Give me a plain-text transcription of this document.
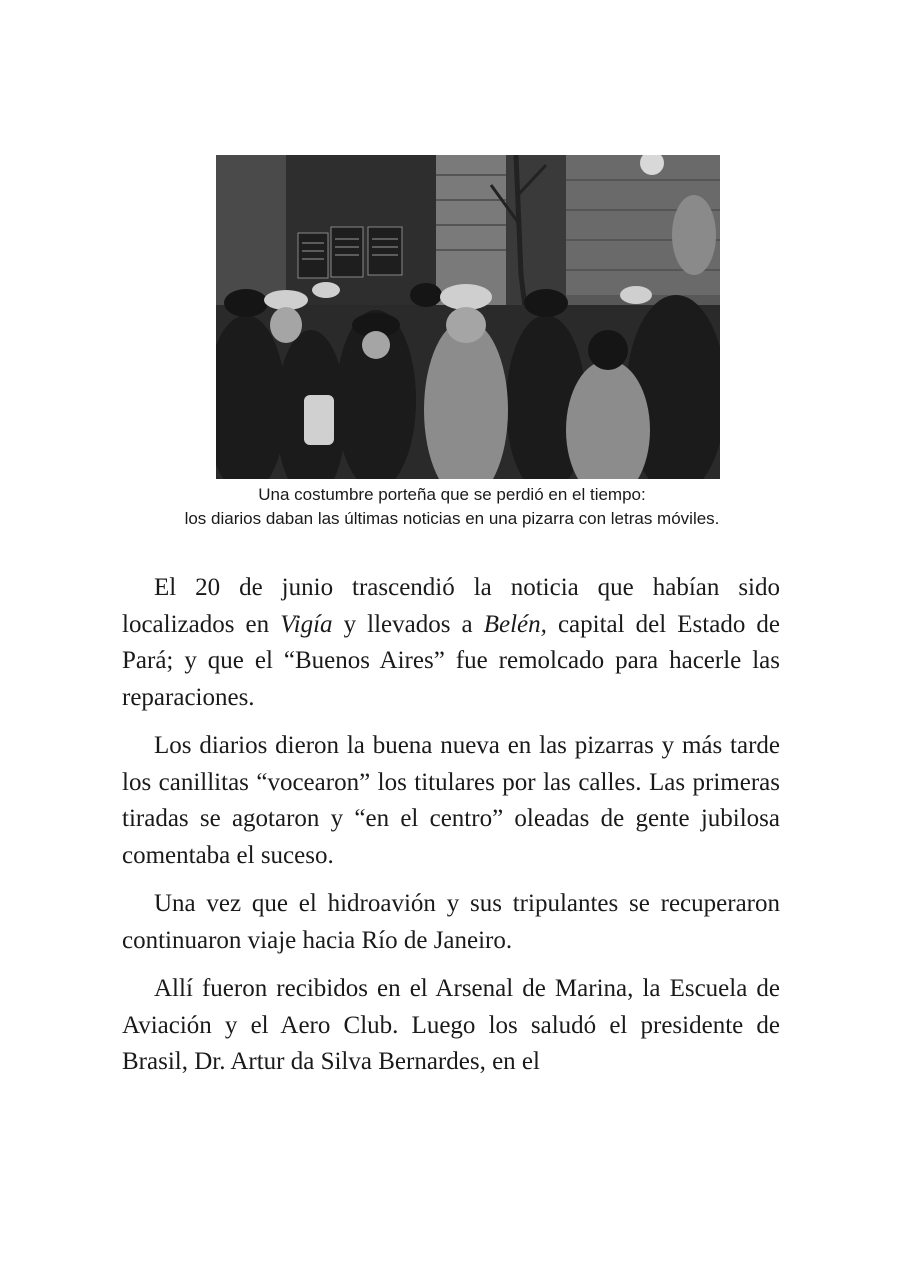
Una costumbre porteña que se perdió en el tiempo:
los diarios daban las últimas noticias en una pizarra con letras móviles.

El 20 de junio trascendió la noticia que habían sido localizados en Vigía y llevados a Belén, capital del Estado de Pará; y que el “Buenos Aires” fue remolcado para hacerle las reparaciones.

Los diarios dieron la buena nueva en las pizarras y más tarde los canillitas “vocearon” los titulares por las calles. Las primeras tiradas se agotaron y “en el centro” oleadas de gente jubilosa comentaba el suceso.

Una vez que el hidroavión y sus tripulantes se recuperaron continuaron viaje hacia Río de Janeiro.

Allí fueron recibidos en el Arsenal de Marina, la Escuela de Aviación y el Aero Club. Luego los saludó el presidente de Brasil, Dr. Artur da Silva Bernardes, en el
